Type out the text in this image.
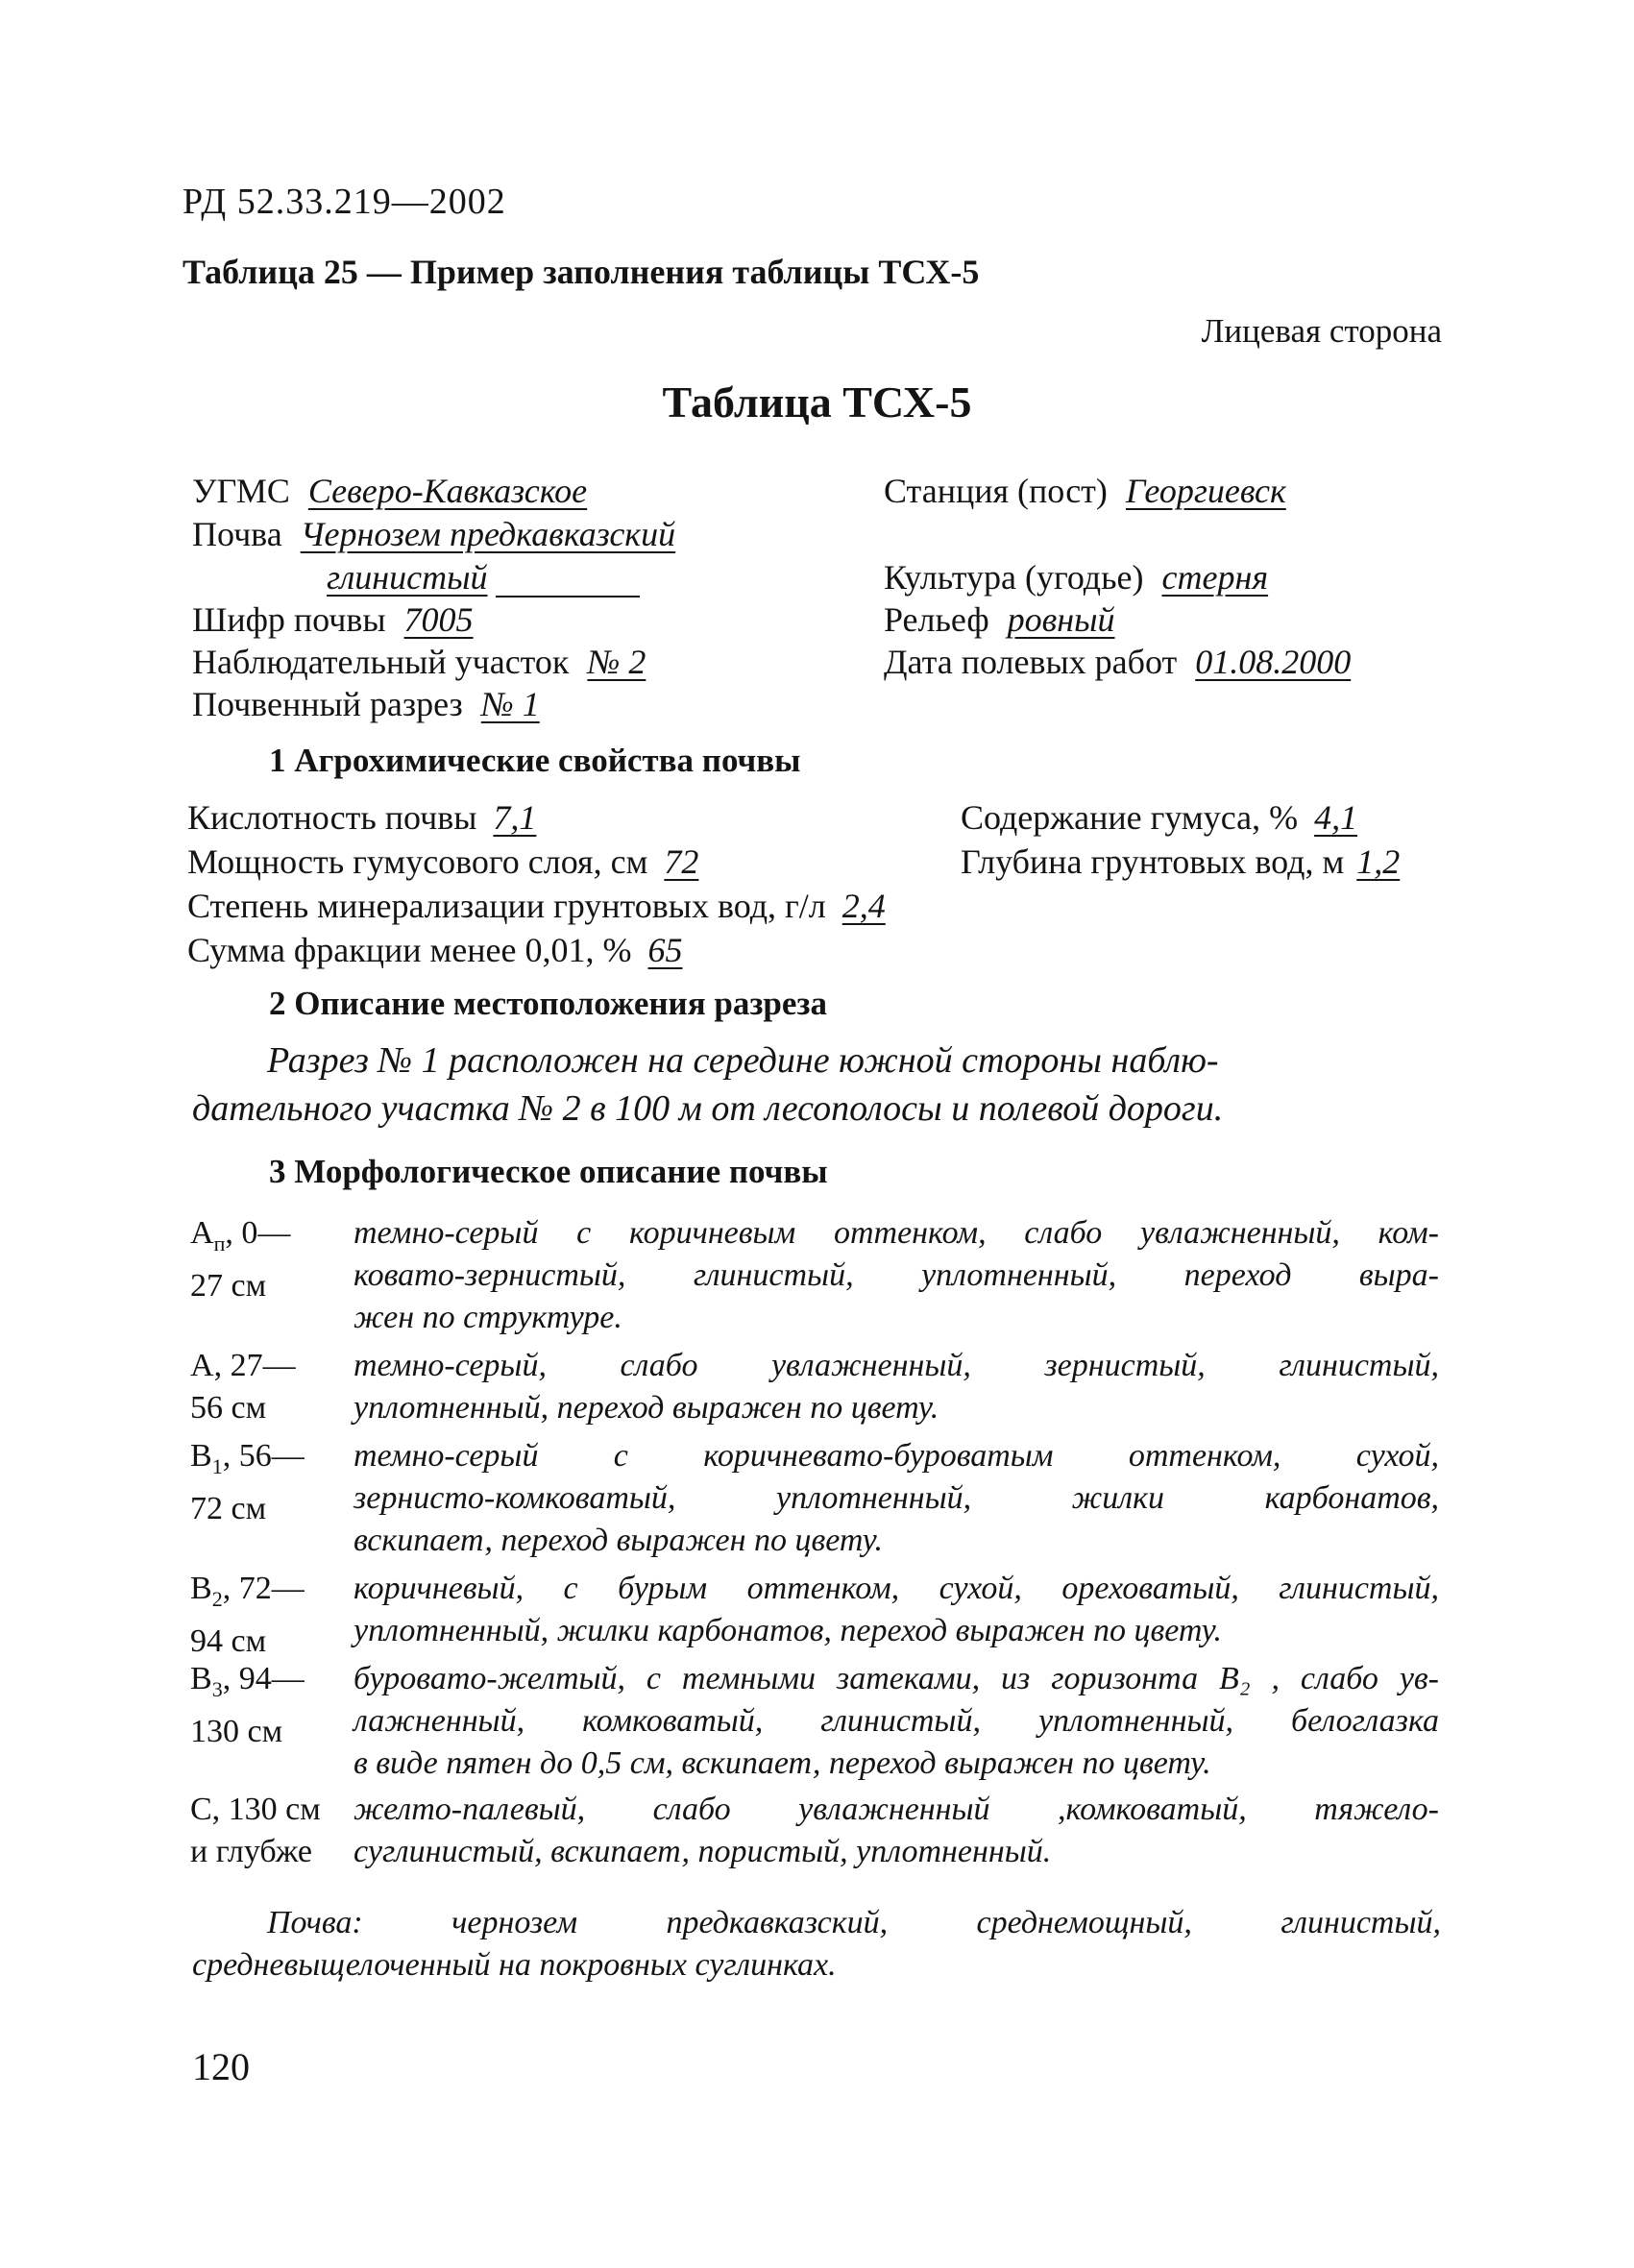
РД 52.33.219—2002
Таблица 25 — Пример заполнения таблицы ТСХ-5
Лицевая сторона
Таблица ТСХ-5
УГМС Северо-Кавказское
Почва Чернозем предкавказский
глинистый
Шифр почвы 7005
Наблюдательный участок № 2
Почвенный разрез № 1
Станция (пост) Георгиевск
Культура (угодье) стерня
Рельеф ровный
Дата полевых работ 01.08.2000
1 Агрохимические свойства почвы
Кислотность почвы 7,1	Содержание гумуса, % 4,1
Мощность гумусового слоя, см 72	Глубина грунтовых вод, м 1,2
Степень минерализации грунтовых вод, г/л 2,4
Сумма фракции менее 0,01, % 65
2 Описание местоположения разреза
Разрез № 1 расположен на середине южной стороны наблю-
дательного участка № 2 в 100 м от лесополосы и полевой дороги.
3 Морфологическое описание почвы
$A_п$, 0—
27 см
темно-серый с коричневым оттенком, слабо увлажненный, ком-
ковато-зернистый, глинистый, уплотненный, переход выра-
жен по структуре.
A, 27—
56 см
темно-серый, слабо увлажненный, зернистый, глинистый,
уплотненный, переход выражен по цвету.
$B_1$, 56—
72 см
темно-серый с коричневато-буроватым оттенком, сухой,
зернисто-комковатый, уплотненный, жилки карбонатов,
вскипает, переход выражен по цвету.
$B_2$, 72—
94 см
коричневый, с бурым оттенком, сухой, ореховатый, глинистый,
уплотненный, жилки карбонатов, переход выражен по цвету.
$B_3$, 94—
130 см
буровато-желтый, с темными затеками, из горизонта B₂ , слабо ув-
лажненный, комковатый, глинистый, уплотненный, белоглазка
в виде пятен до 0,5 см, вскипает, переход выражен по цвету.
С, 130 см
и глубже
желто-палевый, слабо увлажненный ,комковатый, тяжело-
суглинистый, вскипает, пористый, уплотненный.
Почва: чернозем предкавказский, среднемощный, глинистый,
средневыщелоченный на покровных суглинках.
120
